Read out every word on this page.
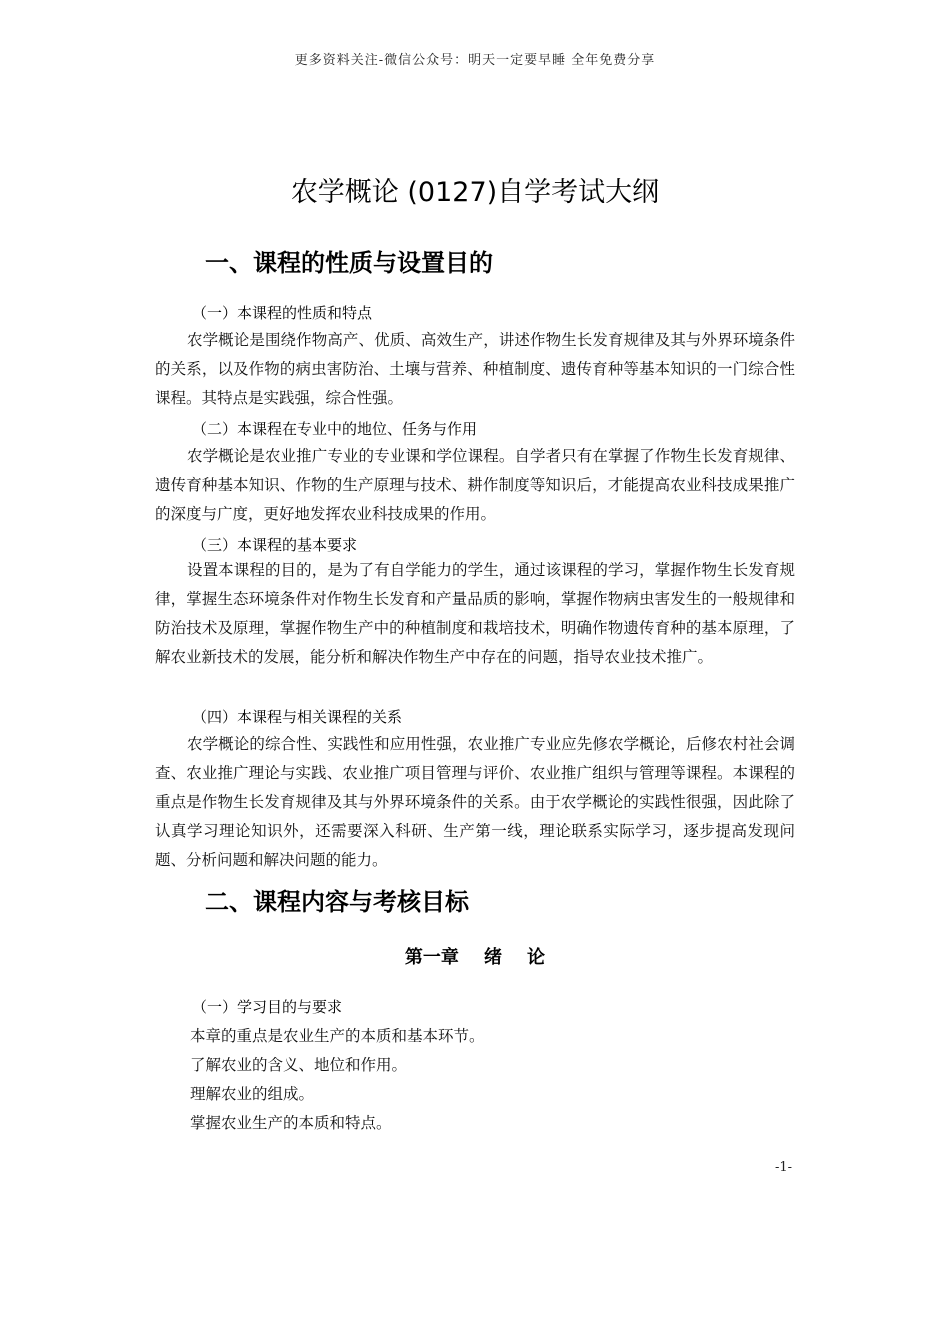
更多资料关注-微信公众号：明天一定要早睡 全年免费分享
农学概论 (0127)自学考试大纲
一、课程的性质与设置目的
（一）本课程的性质和特点

农学概论是围绕作物高产、优质、高效生产，讲述作物生长发育规律及其与外界环境条件的关系，以及作物的病虫害防治、土壤与营养、种植制度、遗传育种等基本知识的一门综合性课程。其特点是实践强，综合性强。

（二）本课程在专业中的地位、任务与作用

农学概论是农业推广专业的专业课和学位课程。自学者只有在掌握了作物生长发育规律、遗传育种基本知识、作物的生产原理与技术、耕作制度等知识后，才能提高农业科技成果推广的深度与广度，更好地发挥农业科技成果的作用。

（三）本课程的基本要求

设置本课程的目的，是为了有自学能力的学生，通过该课程的学习，掌握作物生长发育规律，掌握生态环境条件对作物生长发育和产量品质的影响，掌握作物病虫害发生的一般规律和防治技术及原理，掌握作物生产中的种植制度和栽培技术，明确作物遗传育种的基本原理，了解农业新技术的发展，能分析和解决作物生产中存在的问题，指导农业技术推广。

（四）本课程与相关课程的关系

农学概论的综合性、实践性和应用性强，农业推广专业应先修农学概论，后修农村社会调查、农业推广理论与实践、农业推广项目管理与评价、农业推广组织与管理等课程。本课程的重点是作物生长发育规律及其与外界环境条件的关系。由于农学概论的实践性很强，因此除了认真学习理论知识外，还需要深入科研、生产第一线，理论联系实际学习，逐步提高发现问题、分析问题和解决问题的能力。

二、课程内容与考核目标
第一章    绪    论
（一）学习目的与要求
本章的重点是农业生产的本质和基本环节。
了解农业的含义、地位和作用。
理解农业的组成。
掌握农业生产的本质和特点。
-1-
